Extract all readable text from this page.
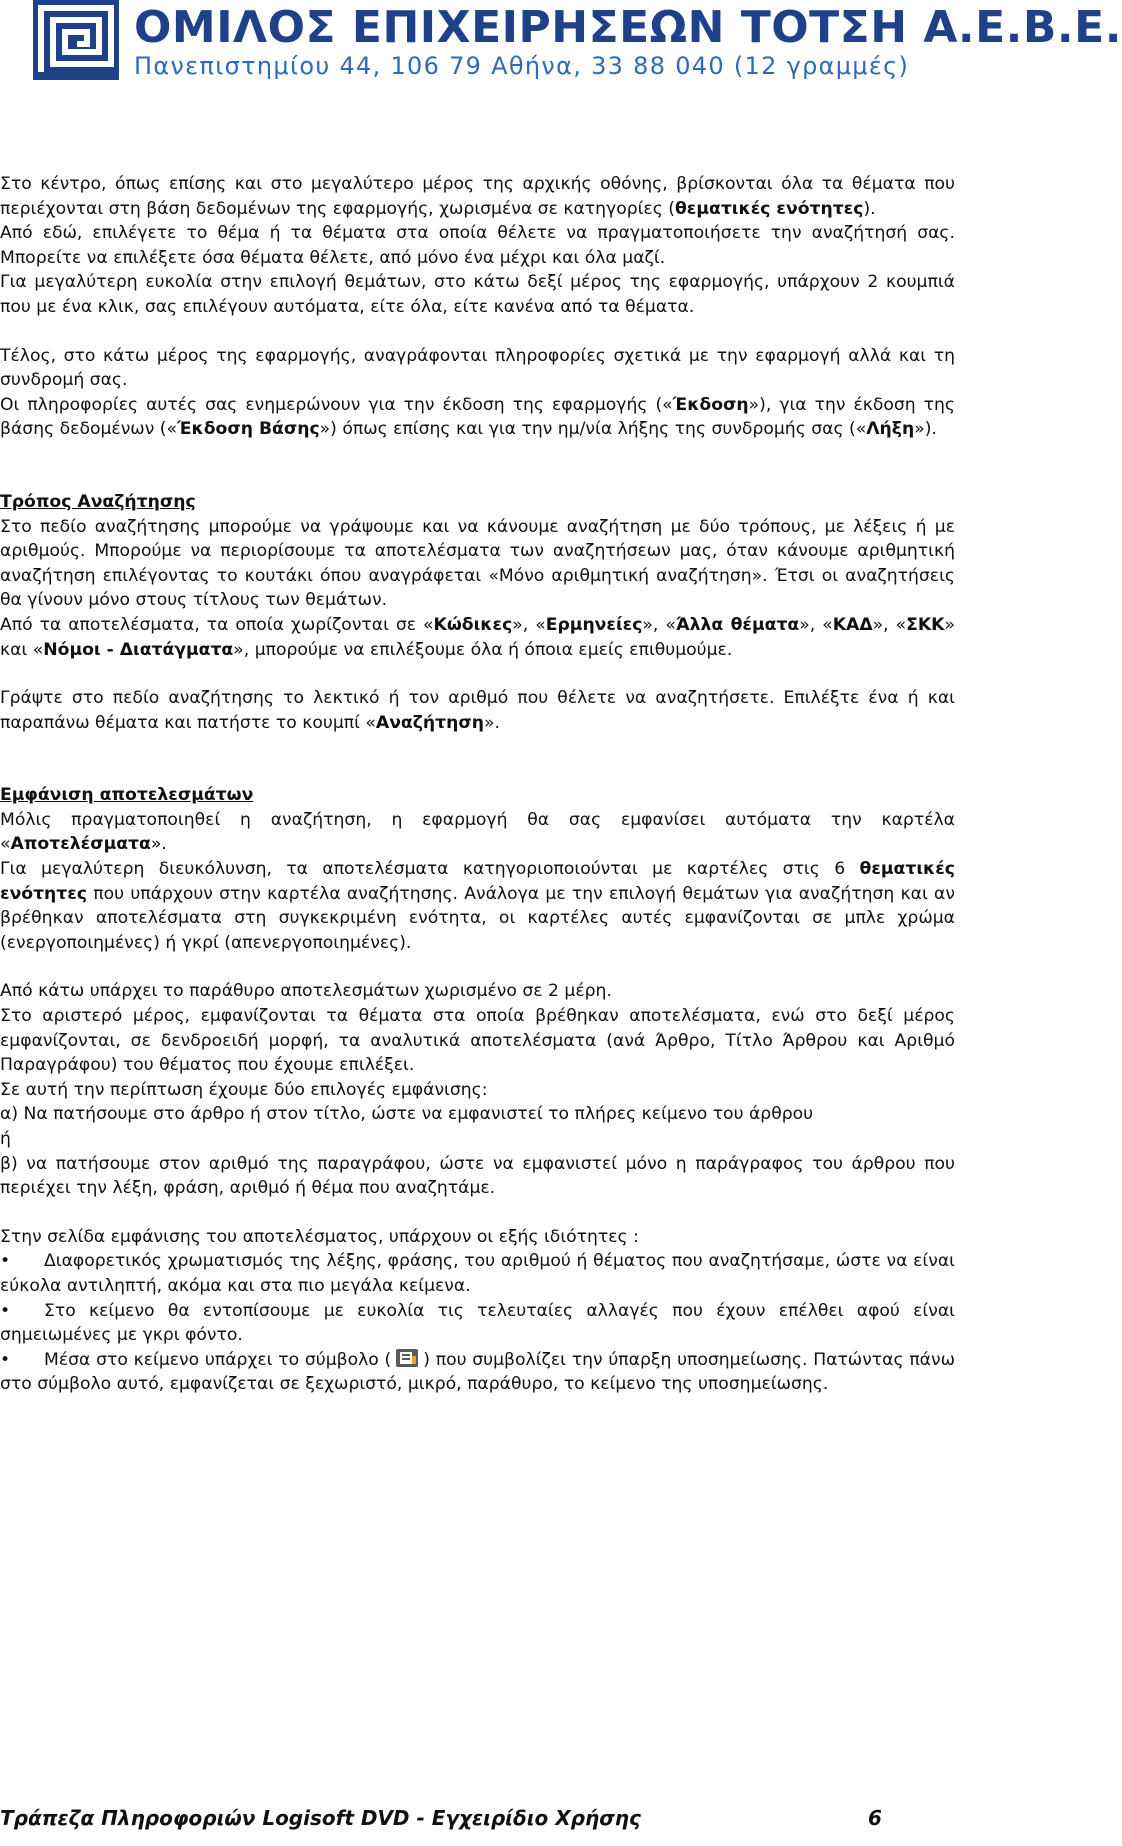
ΟΜΙΛΟΣ ΕΠΙΧΕΙΡΗΣΕΩΝ ΤΟΤΣΗ Α.Ε.Β.Ε.
Πανεπιστημίου 44, 106 79 Αθήνα, 33 88 040 (12 γραμμές)

Στο κέντρο, όπως επίσης και στο μεγαλύτερο μέρος της αρχικής οθόνης, βρίσκονται όλα τα θέματα που περιέχονται στη βάση δεδομένων της εφαρμογής, χωρισμένα σε κατηγορίες (θεματικές ενότητες).

Από εδώ, επιλέγετε το θέμα ή τα θέματα στα οποία θέλετε να πραγματοποιήσετε την αναζήτησή σας. Μπορείτε να επιλέξετε όσα θέματα θέλετε, από μόνο ένα μέχρι και όλα μαζί.

Για μεγαλύτερη ευκολία στην επιλογή θεμάτων, στο κάτω δεξί μέρος της εφαρμογής, υπάρχουν 2 κουμπιά που με ένα κλικ, σας επιλέγουν αυτόματα, είτε όλα, είτε κανένα από τα θέματα.

Τέλος, στο κάτω μέρος της εφαρμογής, αναγράφονται πληροφορίες σχετικά με την εφαρμογή αλλά και τη συνδρομή σας.

Οι πληροφορίες αυτές σας ενημερώνουν για την έκδοση της εφαρμογής («Έκδοση»), για την έκδοση της βάσης δεδομένων («Έκδοση Βάσης») όπως επίσης και για την ημ/νία λήξης της συνδρομής σας («Λήξη»).

Τρόπος Αναζήτησης

Στο πεδίο αναζήτησης μπορούμε να γράψουμε και να κάνουμε αναζήτηση με δύο τρόπους, με λέξεις ή με αριθμούς. Μπορούμε να περιορίσουμε τα αποτελέσματα των αναζητήσεων μας, όταν κάνουμε αριθμητική αναζήτηση επιλέγοντας το κουτάκι όπου αναγράφεται «Μόνο αριθμητική αναζήτηση». Έτσι οι αναζητήσεις θα γίνουν μόνο στους τίτλους των θεμάτων.

Από τα αποτελέσματα, τα οποία χωρίζονται σε «Κώδικες», «Ερμηνείες», «Άλλα θέματα», «ΚΑΔ», «ΣΚΚ» και «Νόμοι - Διατάγματα», μπορούμε να επιλέξουμε όλα ή όποια εμείς επιθυμούμε.

Γράψτε στο πεδίο αναζήτησης το λεκτικό ή τον αριθμό που θέλετε να αναζητήσετε. Επιλέξτε ένα ή και παραπάνω θέματα και πατήστε το κουμπί «Αναζήτηση».

Εμφάνιση αποτελεσμάτων

Μόλις πραγματοποιηθεί η αναζήτηση, η εφαρμογή θα σας εμφανίσει αυτόματα την καρτέλα «Αποτελέσματα».

Για μεγαλύτερη διευκόλυνση, τα αποτελέσματα κατηγοριοποιούνται με καρτέλες στις 6 θεματικές ενότητες που υπάρχουν στην καρτέλα αναζήτησης. Ανάλογα με την επιλογή θεμάτων για αναζήτηση και αν βρέθηκαν αποτελέσματα στη συγκεκριμένη ενότητα, οι καρτέλες αυτές εμφανίζονται σε μπλε χρώμα (ενεργοποιημένες) ή γκρί (απενεργοποιημένες).

Από κάτω υπάρχει το παράθυρο αποτελεσμάτων χωρισμένο σε 2 μέρη.

Στο αριστερό μέρος, εμφανίζονται τα θέματα στα οποία βρέθηκαν αποτελέσματα, ενώ στο δεξί μέρος εμφανίζονται, σε δενδροειδή μορφή, τα αναλυτικά αποτελέσματα (ανά Άρθρο, Τίτλο Άρθρου και Αριθμό Παραγράφου) του θέματος που έχουμε επιλέξει.

Σε αυτή την περίπτωση έχουμε δύο επιλογές εμφάνισης:

α) Να πατήσουμε στο άρθρο ή στον τίτλο, ώστε να εμφανιστεί το πλήρες κείμενο του άρθρου

ή

β) να πατήσουμε στον αριθμό της παραγράφου, ώστε να εμφανιστεί μόνο η παράγραφος του άρθρου που περιέχει την λέξη, φράση, αριθμό ή θέμα που αναζητάμε.

Στην σελίδα εμφάνισης του αποτελέσματος, υπάρχουν οι εξής ιδιότητες :

• Διαφορετικός χρωματισμός της λέξης, φράσης, του αριθμού ή θέματος που αναζητήσαμε, ώστε να είναι εύκολα αντιληπτή, ακόμα και στα πιο μεγάλα κείμενα.

• Στο κείμενο θα εντοπίσουμε με ευκολία τις τελευταίες αλλαγές που έχουν επέλθει αφού είναι σημειωμένες με γκρι φόντο.

• Μέσα στο κείμενο υπάρχει το σύμβολο ( ) που συμβολίζει την ύπαρξη υποσημείωσης. Πατώντας πάνω στο σύμβολο αυτό, εμφανίζεται σε ξεχωριστό, μικρό, παράθυρο, το κείμενο της υποσημείωσης.

Τράπεζα Πληροφοριών Logisoft DVD - Εγχειρίδιο Χρήσης	6
